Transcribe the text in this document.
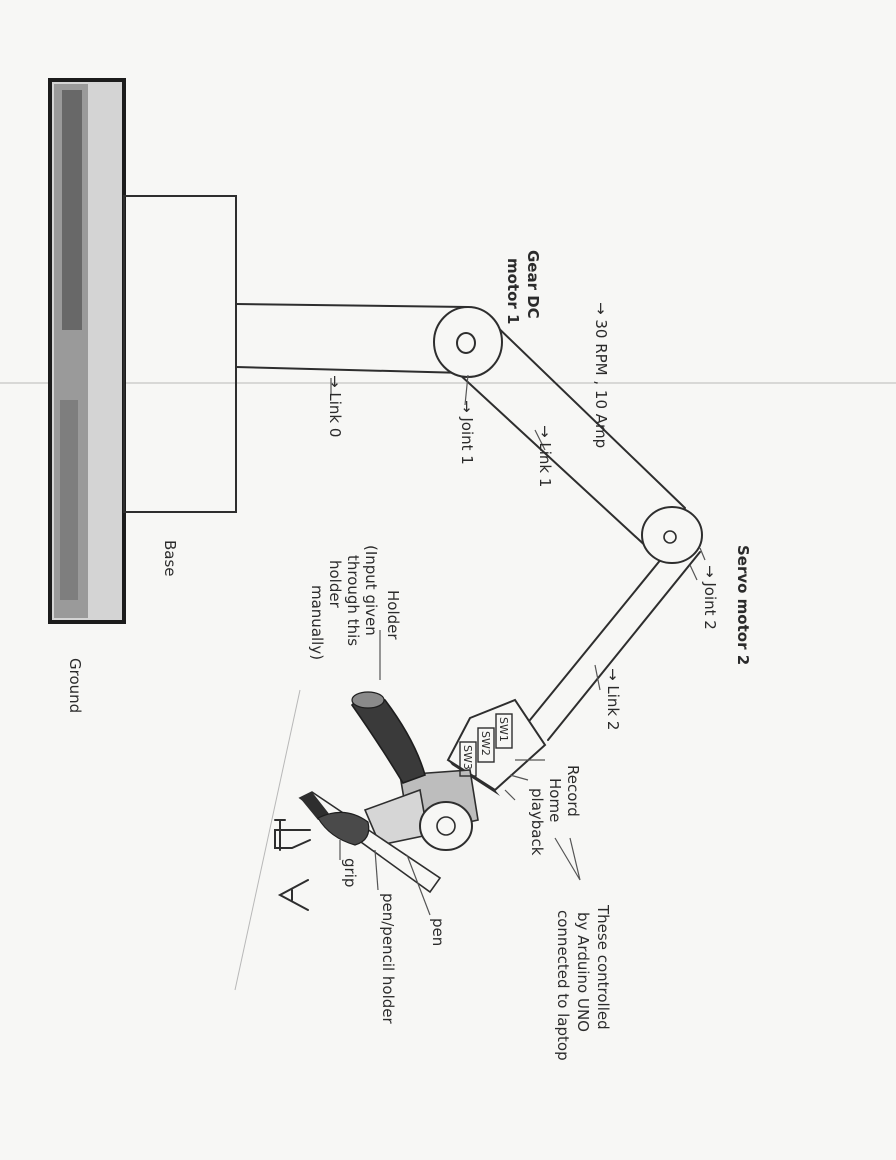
Base
Ground
→ Link 0	→ Joint 1	→ Link 1
Gear DC
motor 1
→ 30 RPM , 10 Amp
Servo motor 2
→ Joint 2
→ Link 2
Holder
(Input given
through this
holder
manually)
SW1
SW2
SW3
Record
Home
playback
These controlled
by Arduino UNO
connected to laptop
pen
pen/pencil holder
grip
